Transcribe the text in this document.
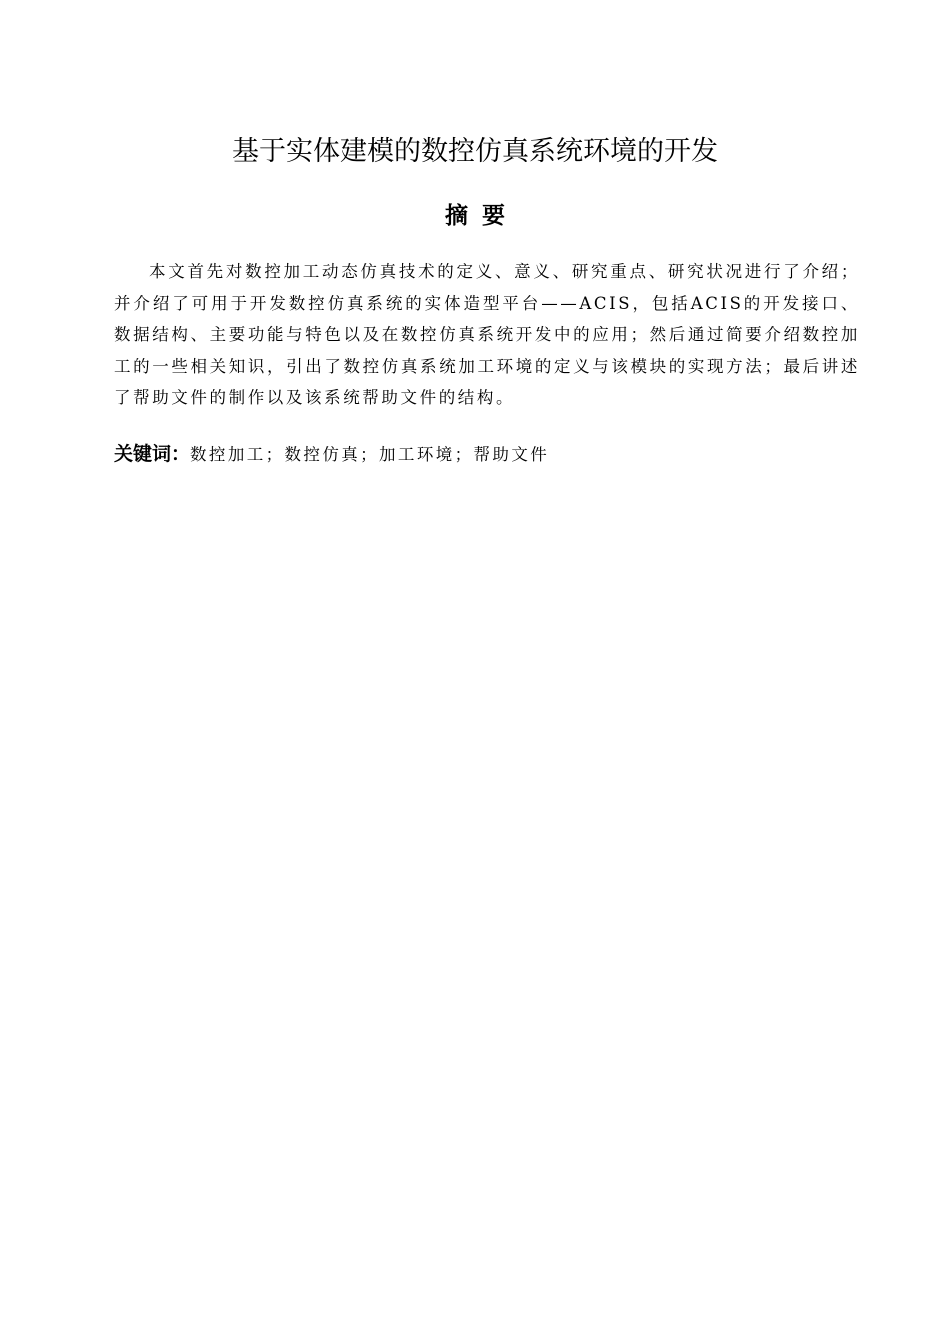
基于实体建模的数控仿真系统环境的开发
摘要

本文首先对数控加工动态仿真技术的定义、意义、研究重点、研究状况进行了介绍；并介绍了可用于开发数控仿真系统的实体造型平台——ACIS，包括ACIS的开发接口、数据结构、主要功能与特色以及在数控仿真系统开发中的应用；然后通过简要介绍数控加工的一些相关知识，引出了数控仿真系统加工环境的定义与该模块的实现方法；最后讲述了帮助文件的制作以及该系统帮助文件的结构。

关键词：数控加工；数控仿真；加工环境；帮助文件
